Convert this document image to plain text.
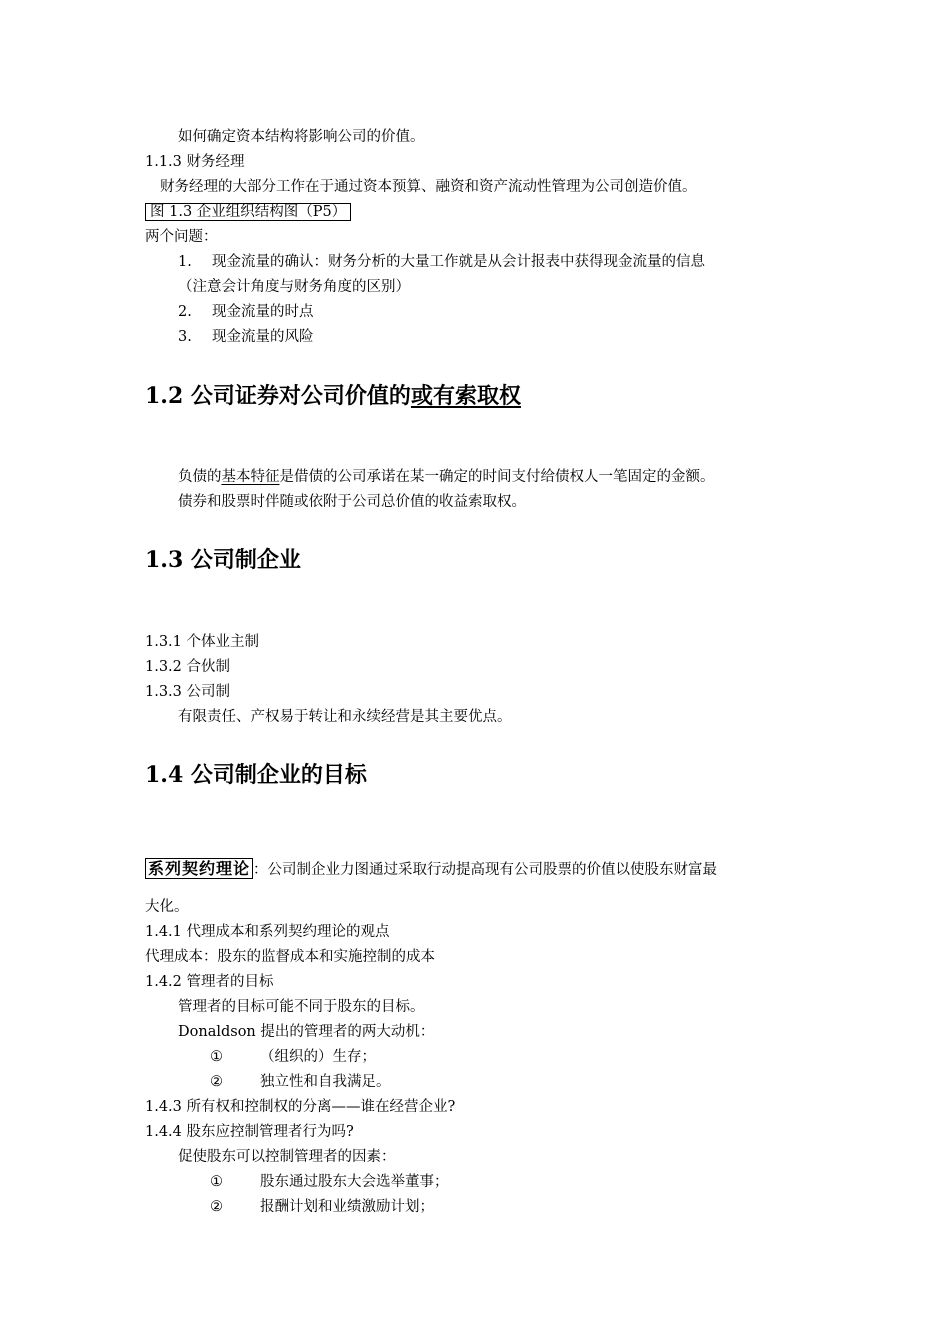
如何确定资本结构将影响公司的价值。
1.1.3 财务经理
财务经理的大部分工作在于通过资本预算、融资和资产流动性管理为公司创造价值。
图 1.3 企业组织结构图（P5）
两个问题：
1. 现金流量的确认：财务分析的大量工作就是从会计报表中获得现金流量的信息
（注意会计角度与财务角度的区别）
2. 现金流量的时点
3. 现金流量的风险
1.2 公司证券对公司价值的或有索取权
负债的基本特征是借债的公司承诺在某一确定的时间支付给债权人一笔固定的金额。
债券和股票时伴随或依附于公司总价值的收益索取权。
1.3 公司制企业
1.3.1 个体业主制
1.3.2 合伙制
1.3.3 公司制
有限责任、产权易于转让和永续经营是其主要优点。
1.4 公司制企业的目标
系列契约理论 ：公司制企业力图通过采取行动提高现有公司股票的价值以使股东财富最
大化。
1.4.1 代理成本和系列契约理论的观点
代理成本：股东的监督成本和实施控制的成本
1.4.2 管理者的目标
管理者的目标可能不同于股东的目标。
Donaldson 提出的管理者的两大动机：
①	（组织的）生存；
②	独立性和自我满足。
1.4.3 所有权和控制权的分离——谁在经营企业?
1.4.4 股东应控制管理者行为吗?
促使股东可以控制管理者的因素：
①	股东通过股东大会选举董事；
②	报酬计划和业绩激励计划；
